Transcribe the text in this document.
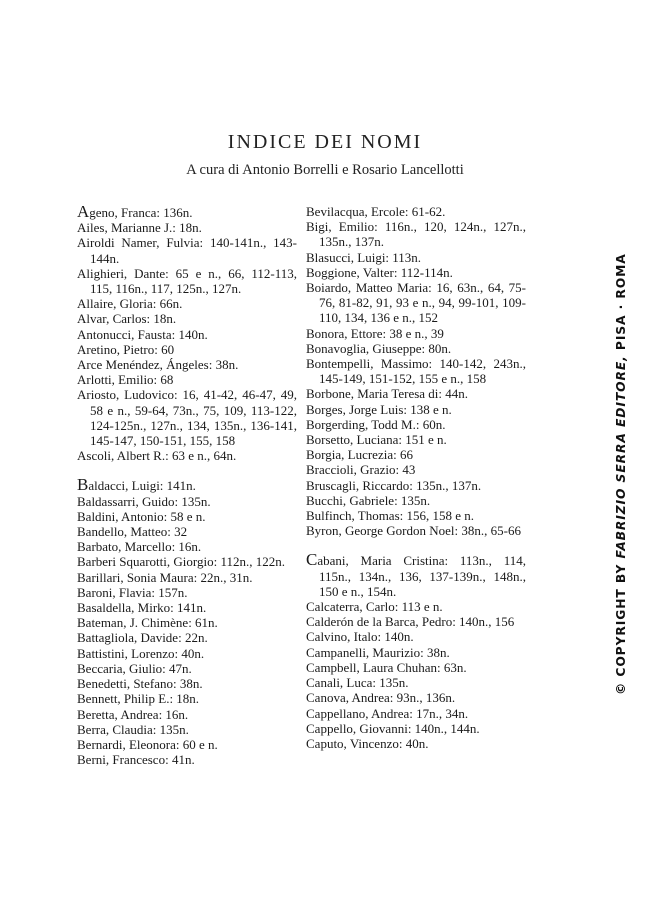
INDICE DEI NOMI
A cura di Antonio Borrelli e Rosario Lancellotti
Ageno, Franca: 136n.
Ailes, Marianne J.: 18n.
Airoldi Namer, Fulvia: 140-141n., 143-144n.
Alighieri, Dante: 65 e n., 66, 112-113, 115, 116n., 117, 125n., 127n.
Allaire, Gloria: 66n.
Alvar, Carlos: 18n.
Antonucci, Fausta: 140n.
Aretino, Pietro: 60
Arce Menéndez, Ángeles: 38n.
Arlotti, Emilio: 68
Ariosto, Ludovico: 16, 41-42, 46-47, 49, 58 e n., 59-64, 73n., 75, 109, 113-122, 124-125n., 127n., 134, 135n., 136-141, 145-147, 150-151, 155, 158
Ascoli, Albert R.: 63 e n., 64n.
Baldacci, Luigi: 141n.
Baldassarri, Guido: 135n.
Baldini, Antonio: 58 e n.
Bandello, Matteo: 32
Barbato, Marcello: 16n.
Barberi Squarotti, Giorgio: 112n., 122n.
Barillari, Sonia Maura: 22n., 31n.
Baroni, Flavia: 157n.
Basaldella, Mirko: 141n.
Bateman, J. Chimène: 61n.
Battagliola, Davide: 22n.
Battistini, Lorenzo: 40n.
Beccaria, Giulio: 47n.
Benedetti, Stefano: 38n.
Bennett, Philip E.: 18n.
Beretta, Andrea: 16n.
Berra, Claudia: 135n.
Bernardi, Eleonora: 60 e n.
Berni, Francesco: 41n.
Bevilacqua, Ercole: 61-62.
Bigi, Emilio: 116n., 120, 124n., 127n., 135n., 137n.
Blasucci, Luigi: 113n.
Boggione, Valter: 112-114n.
Boiardo, Matteo Maria: 16, 63n., 64, 75-76, 81-82, 91, 93 e n., 94, 99-101, 109-110, 134, 136 e n., 152
Bonora, Ettore: 38 e n., 39
Bonavoglia, Giuseppe: 80n.
Bontempelli, Massimo: 140-142, 243n., 145-149, 151-152, 155 e n., 158
Borbone, Maria Teresa di: 44n.
Borges, Jorge Luis: 138 e n.
Borgerding, Todd M.: 60n.
Borsetto, Luciana: 151 e n.
Borgia, Lucrezia: 66
Braccioli, Grazio: 43
Bruscagli, Riccardo: 135n., 137n.
Bucchi, Gabriele: 135n.
Bulfinch, Thomas: 156, 158 e n.
Byron, George Gordon Noel: 38n., 65-66
Cabani, Maria Cristina: 113n., 114, 115n., 134n., 136, 137-139n., 148n., 150 e n., 154n.
Calcaterra, Carlo: 113 e n.
Calderón de la Barca, Pedro: 140n., 156
Calvino, Italo: 140n.
Campanelli, Maurizio: 38n.
Campbell, Laura Chuhan: 63n.
Canali, Luca: 135n.
Canova, Andrea: 93n., 136n.
Cappellano, Andrea: 17n., 34n.
Cappello, Giovanni: 140n., 144n.
Caputo, Vincenzo: 40n.
© COPYRIGHT BY FABRIZIO SERRA EDITORE, PISA · ROMA
